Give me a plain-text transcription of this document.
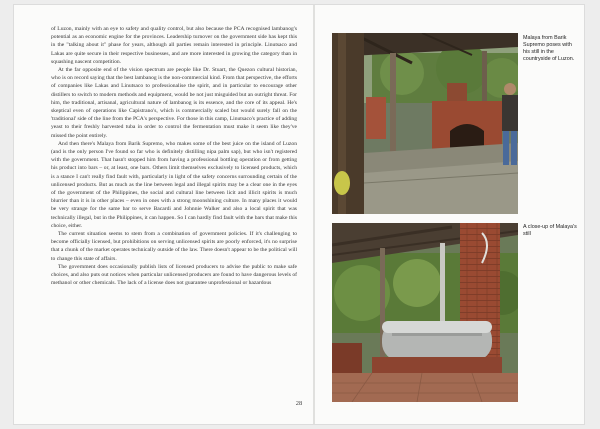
of Luzon, mainly with an eye to safety and quality control, but also because the PCA recognised lambanog's potential as an economic engine for the provinces. Leadership turnover on the government side has kept this in the "talking about it" phase for years, although all parties remain interested in principle. Linutsaco and Lakas are quite secure in their respective businesses, and are more interested in growing the category than in squashing nascent competition.

At the far opposite end of the vision spectrum are people like Dr. Stuart, the Quezon cultural historian, who is on record saying that the best lambanog is the non-commercial kind. From that perspective, the efforts of companies like Lakas and Linutsaco to professionalise the spirit, and in particular to encourage other distillers to switch to modern methods and equipment, would be not just misguided but an outright threat. For him, the traditional, artisanal, agricultural nature of lambanog is its essence, and the core of its appeal. He's skeptical even of operations like Capistrano's, which is commercially scaled but would surely fall on the 'traditional' side of the line from the PCA's perspective. For those in this camp, Linutsaco's practice of adding yeast to their freshly harvested tuba in order to control the fermentation must make it seem like they've missed the point entirely.

And then there's Malaya from Barik Supremo, who makes some of the best juice on the island of Luzon (and is the only person I've found so far who is definitely distilling nipa palm sap), but who isn't registered with the government. That hasn't stopped him from having a professional bottling operation or from getting his product into bars – or, at least, one bars. Others limit themselves exclusively to licensed products, which is a stance I can't really find fault with, particularly in light of the safety concerns surrounding certain of the unlicensed products. But as much as the line between legal and illegal spirits may be a clear one in the eyes of the government of the Philippines, the social and cultural line between licit and illicit spirits is much blurrier than it is in other places – even in ones with a strong moonshining culture. In many places it would be very strange for the same bar to serve Bacardi and Johnnie Walker and also a local spirit that was technically illegal, but in the Philippines, it can happen. So I can hardly find fault with the bars that make this choice, either.

The current situation seems to stem from a combination of government policies. If it's challenging to become officially licensed, but prohibitions on serving unlicensed spirits are poorly enforced, it's no surprise that a chunk of the market operates technically outside of the law. There doesn't appear to be the political will to change this state of affairs.

The government does occasionally publish lists of licensed producers to advise the public to make safe choices, and also puts out notices when particular unlicensed producers are found to have dangerous levels of methanol or other chemicals. The lack of a license does not guarantee unprofessional or hazardous

Malaya from Barik Supremo poses with his still in the countryside of Luzon.
A close-up of Malaya's still
28
